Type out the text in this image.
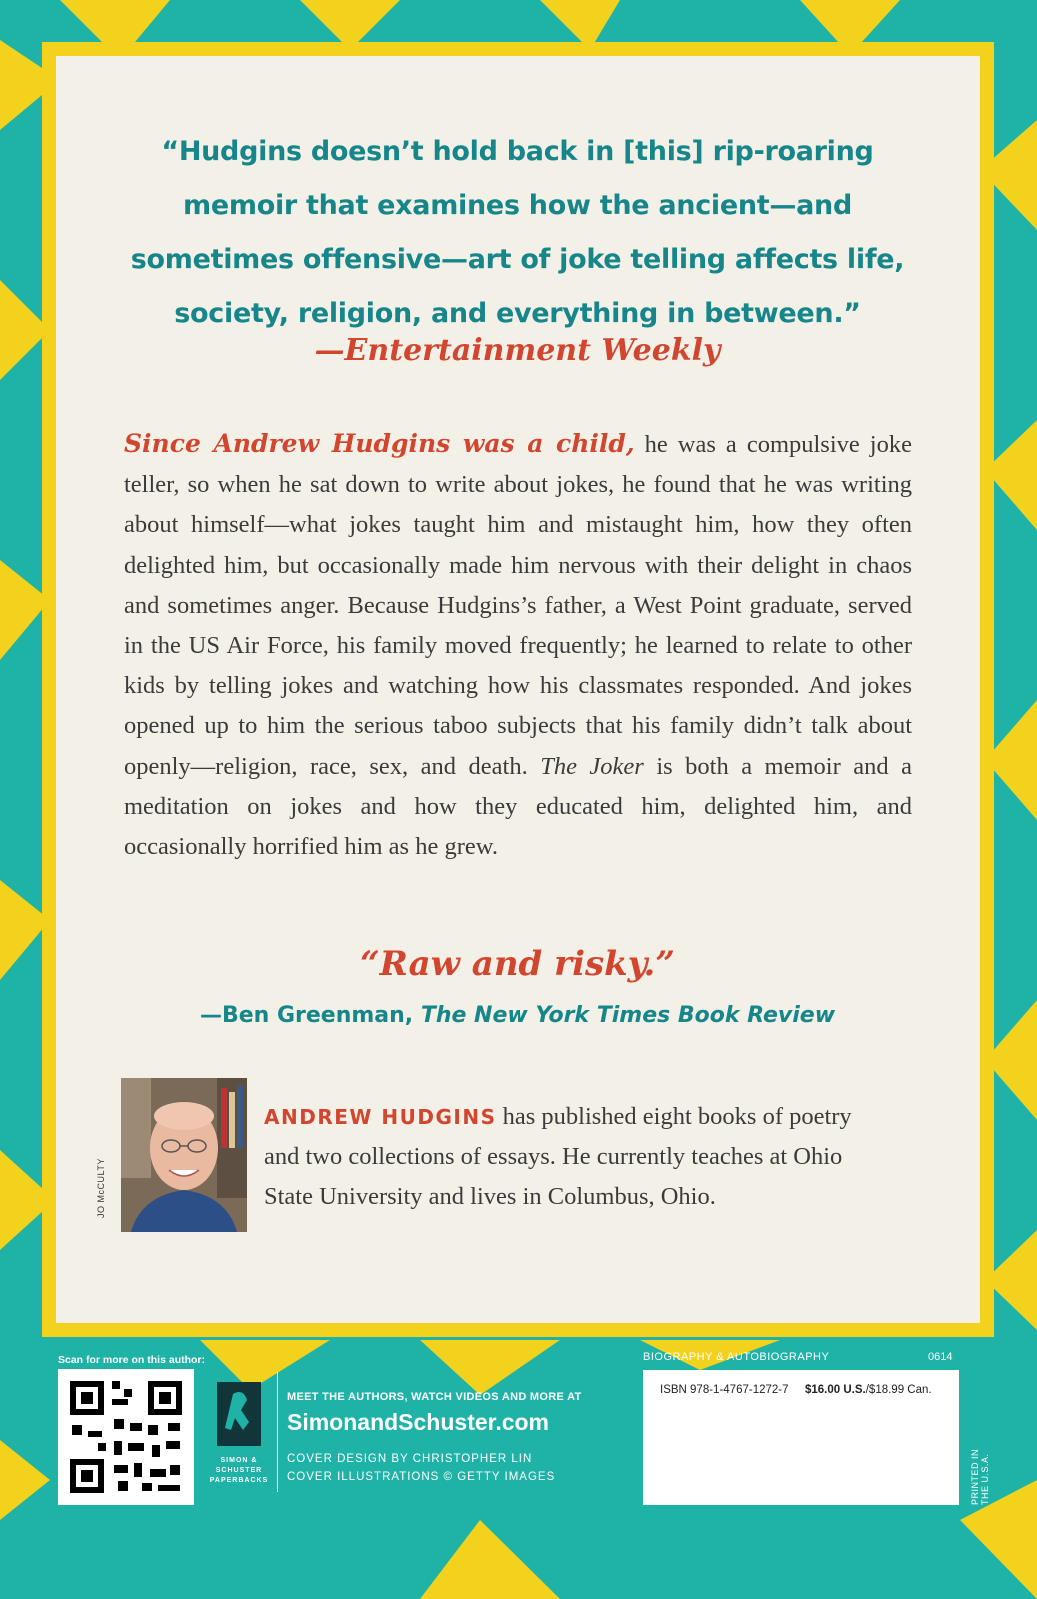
“Hudgins doesn’t hold back in [this] rip-roaring memoir that examines how the ancient—and sometimes offensive—art of joke telling affects life, society, religion, and everything in between.”
—Entertainment Weekly
Since Andrew Hudgins was a child, he was a compulsive joke teller, so when he sat down to write about jokes, he found that he was writing about himself—what jokes taught him and mistaught him, how they often delighted him, but occasionally made him nervous with their delight in chaos and sometimes anger. Because Hudgins’s father, a West Point graduate, served in the US Air Force, his family moved frequently; he learned to relate to other kids by telling jokes and watching how his classmates responded. And jokes opened up to him the serious taboo subjects that his family didn’t talk about openly—religion, race, sex, and death. The Joker is both a memoir and a meditation on jokes and how they educated him, delighted him, and occasionally horrified him as he grew.
“Raw and risky.”
—Ben Greenman, The New York Times Book Review
JO McCULTY
ANDREW HUDGINS has published eight books of poetry and two collections of essays. He currently teaches at Ohio State University and lives in Columbus, Ohio.
Scan for more on this author:
SIMON &
SCHUSTER
PAPERBACKS
MEET THE AUTHORS, WATCH VIDEOS AND MORE AT
SimonandSchuster.com
COVER DESIGN BY CHRISTOPHER LIN
COVER ILLUSTRATIONS © GETTY IMAGES
BIOGRAPHY & AUTOBIOGRAPHY	0614
ISBN 978-1-4767-1272-7 $16.00 U.S./$18.99 Can.
PRINTED IN THE U.S.A.
